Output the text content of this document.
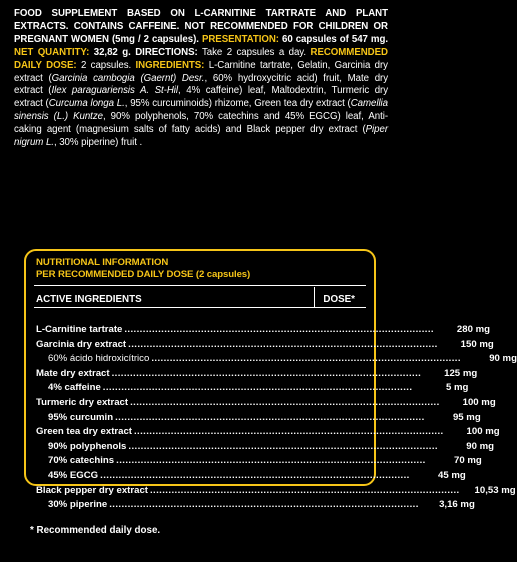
FOOD SUPPLEMENT BASED ON L-CARNITINE TARTRATE AND PLANT EXTRACTS. CONTAINS CAFFEINE. NOT RECOMMENDED FOR CHILDREN OR PREGNANT WOMEN (5mg / 2 capsules). PRESENTATION: 60 capsules of 547 mg. NET QUANTITY: 32,82 g. DIRECTIONS: Take 2 capsules a day. RECOMMENDED DAILY DOSE: 2 capsules. INGREDIENTS: L-Carnitine tartrate, Gelatin, Garcinia dry extract (Garcinia cambogia (Gaernt) Desr., 60% hydroxycitric acid) fruit, Mate dry extract (Ilex paraguariensis A. St-Hil, 4% caffeine) leaf, Maltodextrin, Turmeric dry extract (Curcuma longa L., 95% curcuminoids) rhizome, Green tea dry extract (Camellia sinensis (L.) Kuntze, 90% polyphenols, 70% catechins and 45% EGCG) leaf, Anti-caking agent (magnesium salts of fatty acids) and Black pepper dry extract (Piper nigrum L., 30% piperine) fruit .
NUTRITIONAL INFORMATION
PER RECOMMENDED DAILY DOSE (2 capsules)
ACTIVE INGREDIENTS	DOSE*
L-Carnitine tartrate .....................................................................................................	280 mg
Garcinia dry extract .....................................................................................................	150 mg
60% ácido hidroxicítrico .....................................................................................................	90 mg
Mate dry extract .....................................................................................................	125 mg
4% caffeine .....................................................................................................	5 mg
Turmeric dry extract .....................................................................................................	100 mg
95% curcumin .....................................................................................................	95 mg
Green tea dry extract .....................................................................................................	100 mg
90% polyphenols .....................................................................................................	90 mg
70% catechins .....................................................................................................	70 mg
45% EGCG .....................................................................................................	45 mg
Black pepper dry extract .....................................................................................................	10,53 mg
30% piperine .....................................................................................................	3,16 mg
* Recommended daily dose.
